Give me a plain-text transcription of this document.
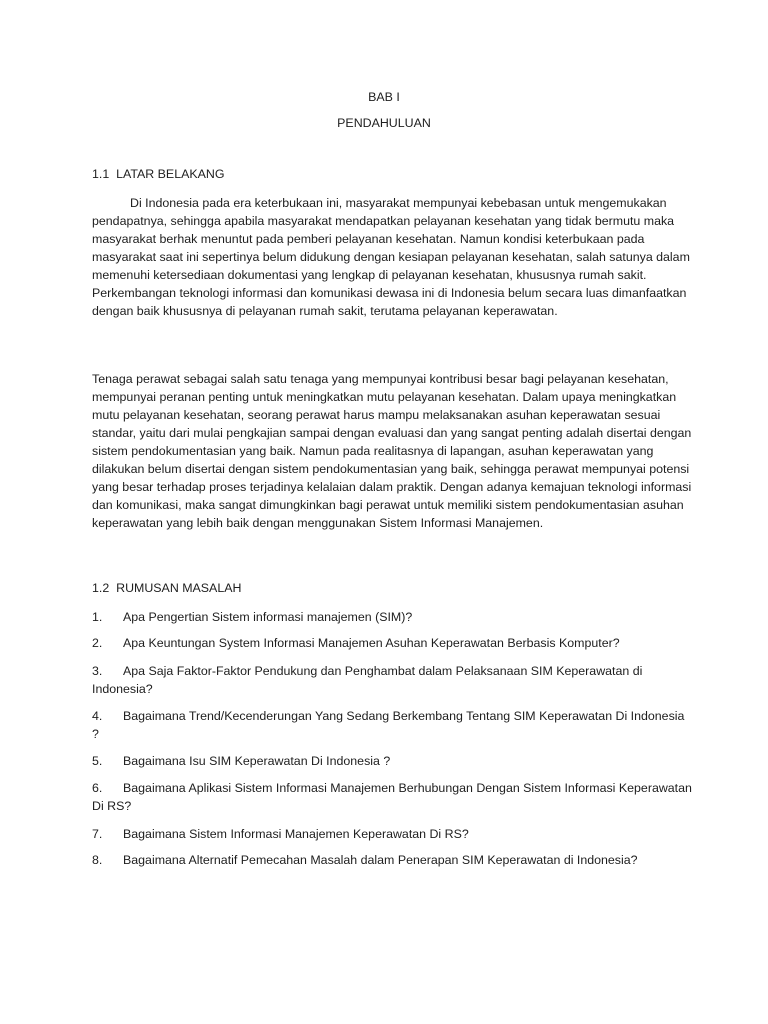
BAB I

PENDAHULUAN

1.1 LATAR BELAKANG

Di Indonesia pada era keterbukaan ini, masyarakat mempunyai kebebasan untuk mengemukakan pendapatnya, sehingga apabila masyarakat mendapatkan pelayanan kesehatan yang tidak bermutu maka masyarakat berhak menuntut pada pemberi pelayanan kesehatan. Namun kondisi keterbukaan pada masyarakat saat ini sepertinya belum didukung dengan kesiapan pelayanan kesehatan, salah satunya dalam memenuhi ketersediaan dokumentasi yang lengkap di pelayanan kesehatan, khususnya rumah sakit. Perkembangan teknologi informasi dan komunikasi dewasa ini di Indonesia belum secara luas dimanfaatkan dengan baik khususnya di pelayanan rumah sakit, terutama pelayanan keperawatan.

Tenaga perawat sebagai salah satu tenaga yang mempunyai kontribusi besar bagi pelayanan kesehatan, mempunyai peranan penting untuk meningkatkan mutu pelayanan kesehatan. Dalam upaya meningkatkan mutu pelayanan kesehatan, seorang perawat harus mampu melaksanakan asuhan keperawatan sesuai standar, yaitu dari mulai pengkajian sampai dengan evaluasi dan yang sangat penting adalah disertai dengan sistem pendokumentasian yang baik. Namun pada realitasnya di lapangan, asuhan keperawatan yang dilakukan belum disertai dengan sistem pendokumentasian yang baik, sehingga perawat mempunyai potensi yang besar terhadap proses terjadinya kelalaian dalam praktik. Dengan adanya kemajuan teknologi informasi dan komunikasi, maka sangat dimungkinkan bagi perawat untuk memiliki sistem pendokumentasian asuhan keperawatan yang lebih baik dengan menggunakan Sistem Informasi Manajemen.

1.2 RUMUSAN MASALAH

1. Apa Pengertian Sistem informasi manajemen (SIM)?

2. Apa Keuntungan System Informasi Manajemen Asuhan Keperawatan Berbasis Komputer?

3. Apa Saja Faktor-Faktor Pendukung dan Penghambat dalam Pelaksanaan SIM Keperawatan di Indonesia?

4. Bagaimana Trend/Kecenderungan Yang Sedang Berkembang Tentang SIM Keperawatan Di Indonesia ?

5. Bagaimana Isu SIM Keperawatan Di Indonesia ?

6. Bagaimana Aplikasi Sistem Informasi Manajemen Berhubungan Dengan Sistem Informasi Keperawatan Di RS?

7. Bagaimana Sistem Informasi Manajemen Keperawatan Di RS?

8. Bagaimana Alternatif Pemecahan Masalah dalam Penerapan SIM Keperawatan di Indonesia?
